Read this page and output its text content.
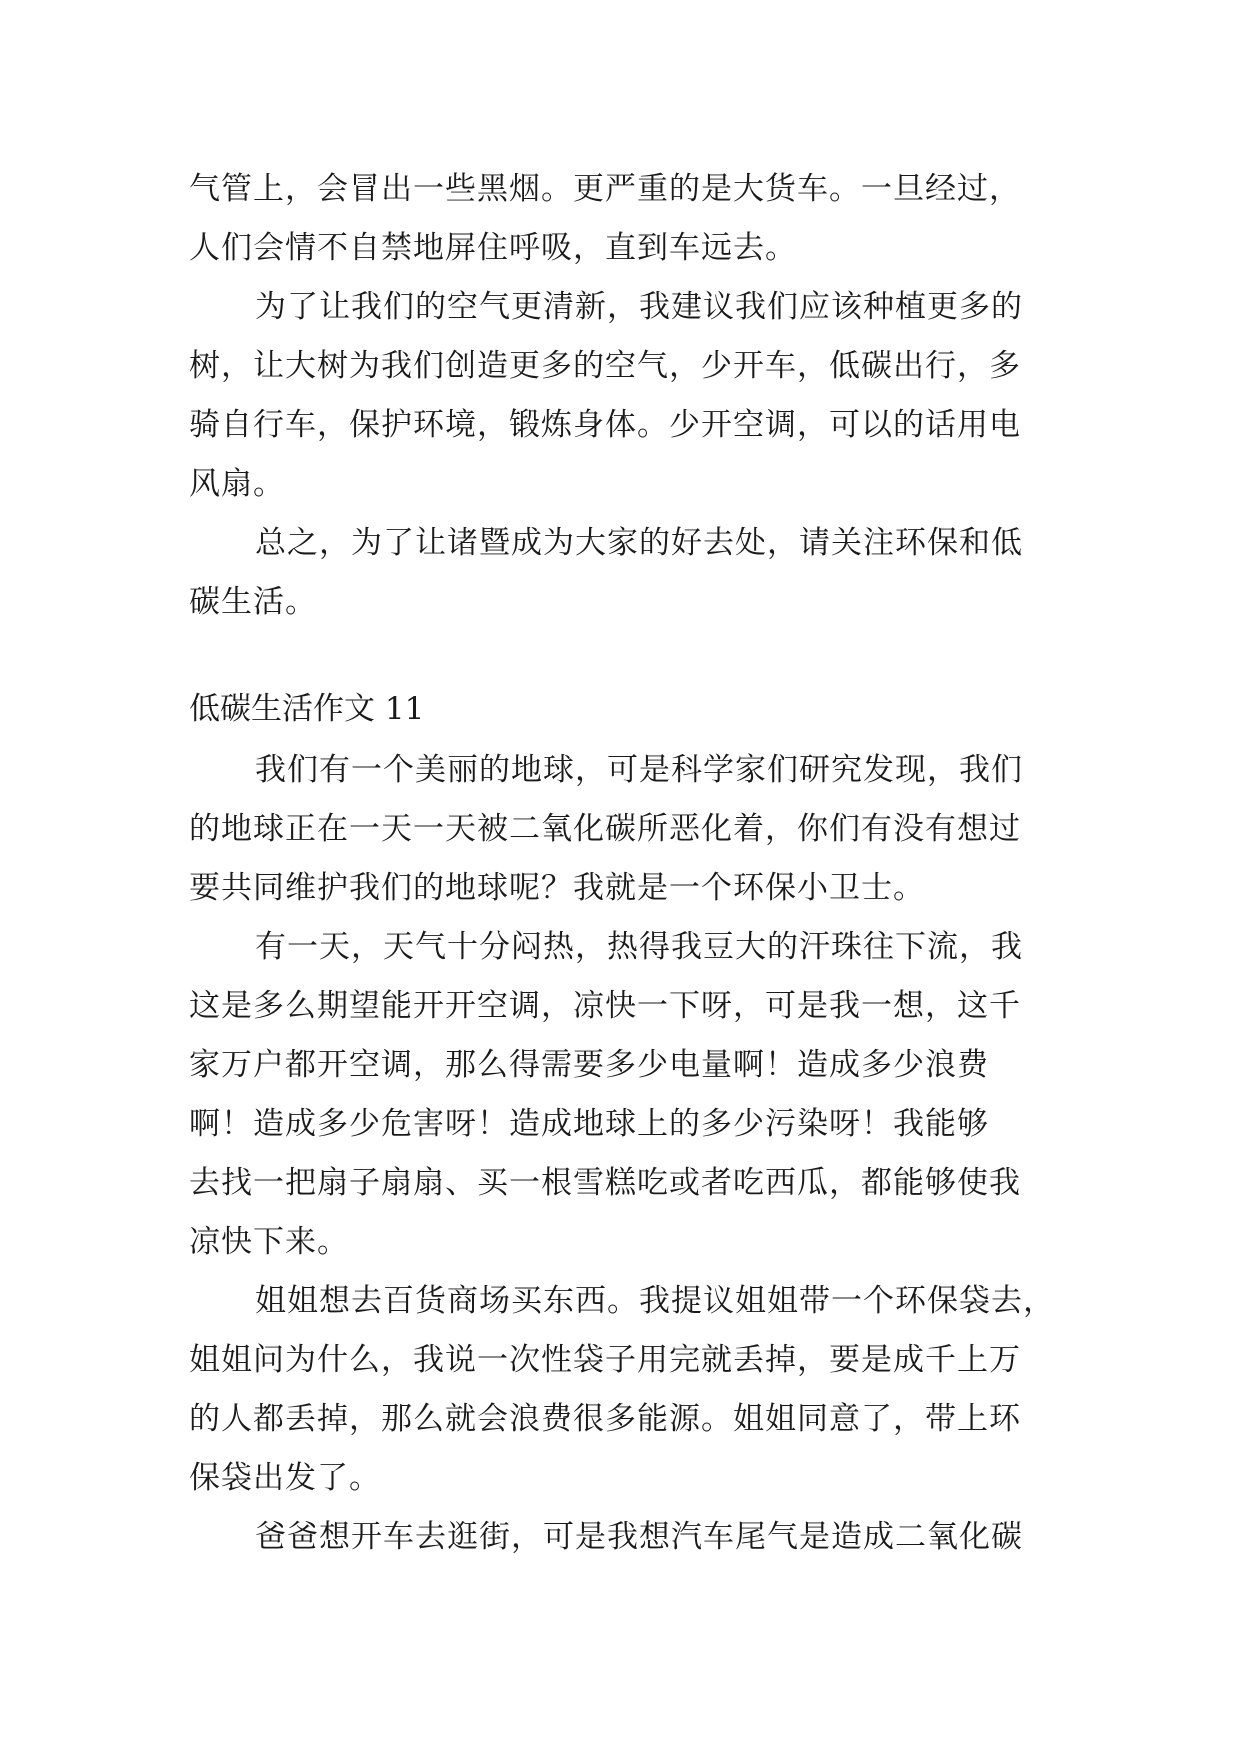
气管上，会冒出一些黑烟。更严重的是大货车。一旦经过，
人们会情不自禁地屏住呼吸，直到车远去。
为了让我们的空气更清新，我建议我们应该种植更多的
树，让大树为我们创造更多的空气，少开车，低碳出行，多
骑自行车，保护环境，锻炼身体。少开空调，可以的话用电
风扇。
总之，为了让诸暨成为大家的好去处，请关注环保和低
碳生活。
低碳生活作文 11
我们有一个美丽的地球，可是科学家们研究发现，我们
的地球正在一天一天被二氧化碳所恶化着，你们有没有想过
要共同维护我们的地球呢？我就是一个环保小卫士。
有一天，天气十分闷热，热得我豆大的汗珠往下流，我
这是多么期望能开开空调，凉快一下呀，可是我一想，这千
家万户都开空调，那么得需要多少电量啊！造成多少浪费
啊！造成多少危害呀！造成地球上的多少污染呀！我能够
去找一把扇子扇扇、买一根雪糕吃或者吃西瓜，都能够使我
凉快下来。
姐姐想去百货商场买东西。我提议姐姐带一个环保袋去，
姐姐问为什么，我说一次性袋子用完就丢掉，要是成千上万
的人都丢掉，那么就会浪费很多能源。姐姐同意了，带上环
保袋出发了。
爸爸想开车去逛街，可是我想汽车尾气是造成二氧化碳
